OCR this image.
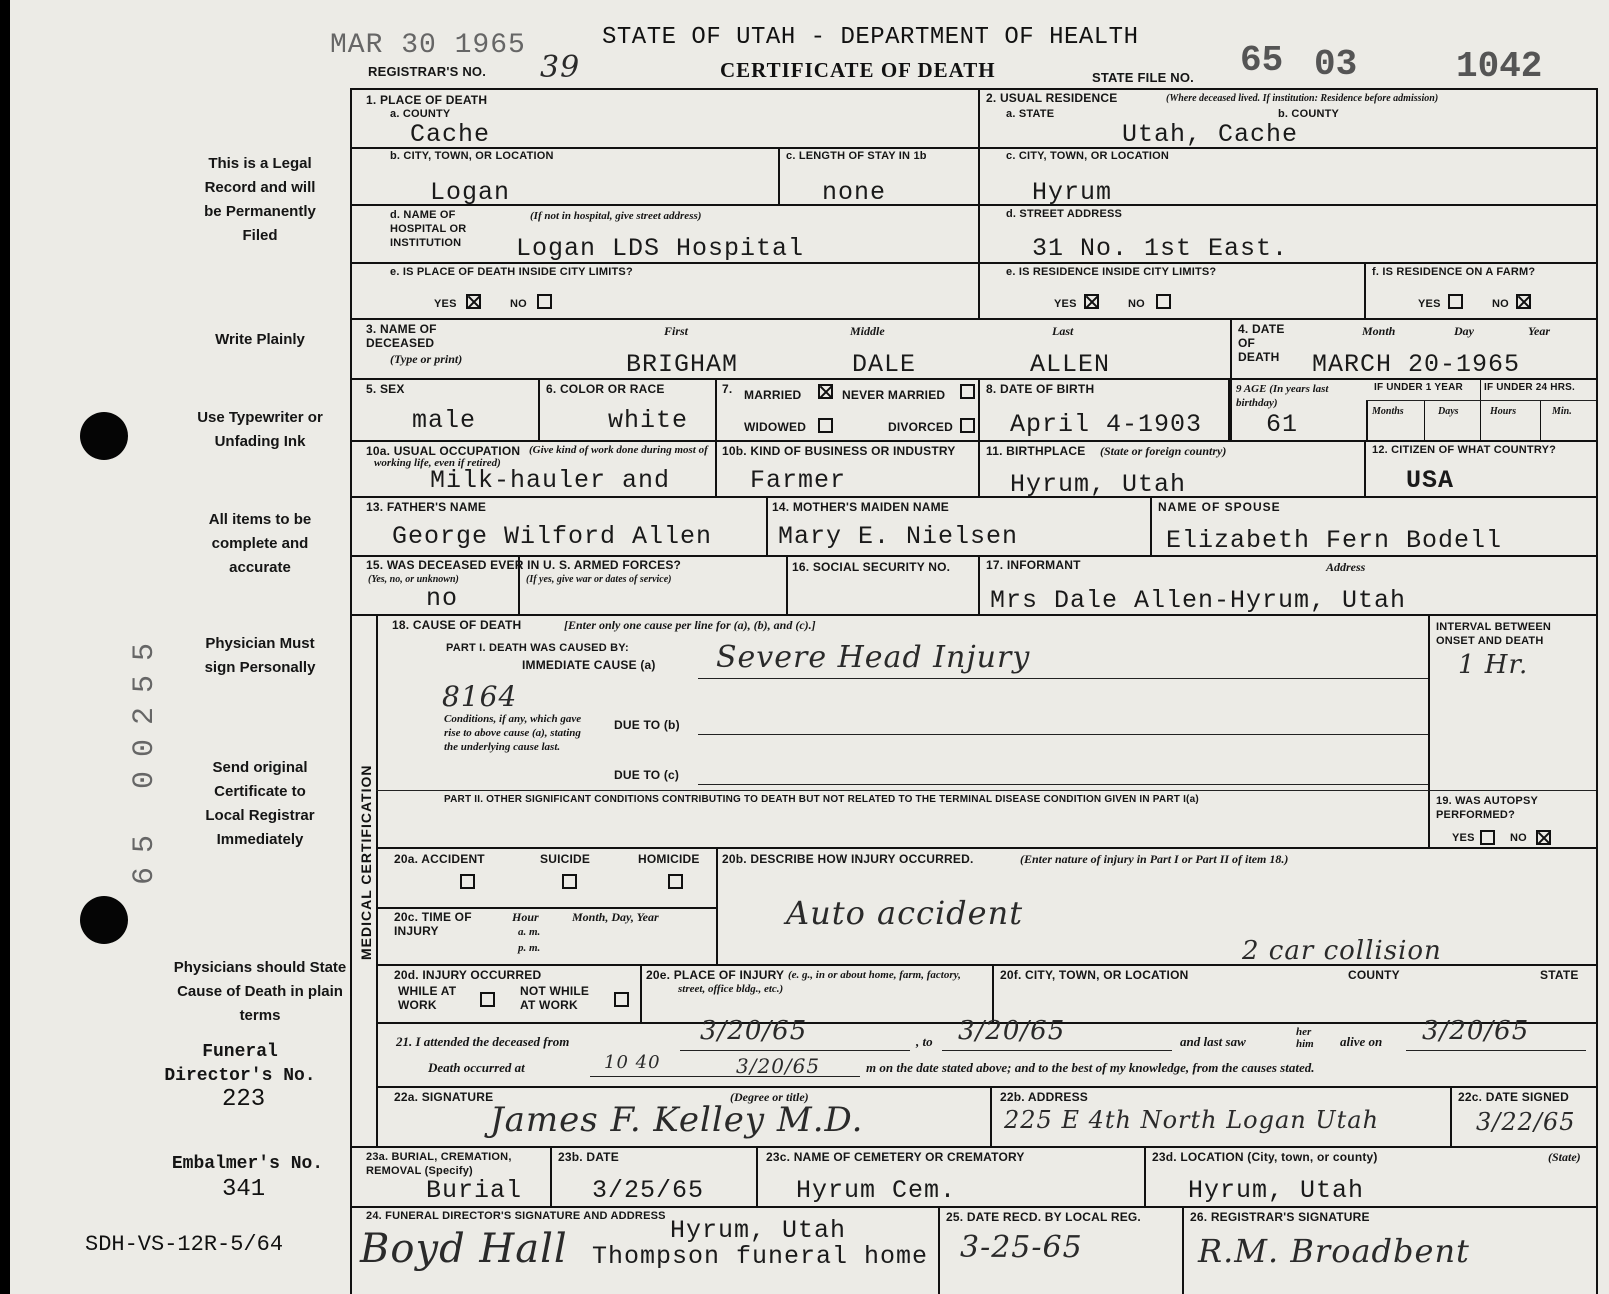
MAR 30 1965	STATE OF UTAH - DEPARTMENT OF HEALTH
CERTIFICATE OF DEATH
REGISTRAR'S NO. 39	STATE FILE NO. 65 03	1042
This is a Legal Record and will be Permanently Filed
Write Plainly
Use Typewriter or Unfading Ink
All items to be complete and accurate
Physician Must sign Personally
Send original Certificate to Local Registrar Immediately
Physicians should State Cause of Death in plain terms
Funeral Director's No.
223
Embalmer's No.
341
SDH-VS-12R-5/64
65 00255
1. PLACE OF DEATH
a. COUNTY
Cache
2. USUAL RESIDENCE	(Where deceased lived. If institution: Residence before admission)
a. STATE	b. COUNTY
Utah, Cache
b. CITY, TOWN, OR LOCATION
Logan
c. LENGTH OF STAY IN 1b
none
c. CITY, TOWN, OR LOCATION
Hyrum
d. NAME OF HOSPITAL OR INSTITUTION
(If not in hospital, give street address)
Logan LDS Hospital
d. STREET ADDRESS
31 No. 1st East.
e. IS PLACE OF DEATH INSIDE CITY LIMITS?
YES	NO
e. IS RESIDENCE INSIDE CITY LIMITS?
YES	NO
f. IS RESIDENCE ON A FARM?
YES	NO
3. NAME OF DECEASED
(Type or print)
First	Middle	Last
BRIGHAM	DALE	ALLEN
4. DATE OF DEATH
Month	Day	Year
MARCH 20-1965
5. SEX
male
6. COLOR OR RACE
white
7. MARRIED	NEVER MARRIED
WIDOWED	DIVORCED
8. DATE OF BIRTH
April 4-1903
9 AGE (In years last birthday)
61
IF UNDER 1 YEAR IF UNDER 24 HRS.
Months	Days	Hours	Min.
10a. USUAL OCCUPATION (Give kind of work done during most of working life, even if retired)
Milk-hauler and
10b. KIND OF BUSINESS OR INDUSTRY
Farmer
11. BIRTHPLACE (State or foreign country)
Hyrum, Utah
12. CITIZEN OF WHAT COUNTRY?
USA
13. FATHER'S NAME
George Wilford Allen
14. MOTHER'S MAIDEN NAME
Mary E. Nielsen
NAME OF SPOUSE
Elizabeth Fern Bodell
15. WAS DECEASED EVER IN U. S. ARMED FORCES?
(Yes, no, or unknown)	(If yes, give war or dates of service)
no
16. SOCIAL SECURITY NO.	17. INFORMANT	Address
Mrs Dale Allen-Hyrum, Utah
MEDICAL CERTIFICATION
18. CAUSE OF DEATH	[Enter only one cause per line for (a), (b), and (c).]
PART I. DEATH WAS CAUSED BY:
IMMEDIATE CAUSE (a) Severe Head Injury
8164
Conditions, if any, which gave rise to above cause (a), stating the underlying cause last.
DUE TO (b)
DUE TO (c)
INTERVAL BETWEEN ONSET AND DEATH
1 Hr.
PART II. OTHER SIGNIFICANT CONDITIONS CONTRIBUTING TO DEATH BUT NOT RELATED TO THE TERMINAL DISEASE CONDITION GIVEN IN PART I(a)	19. WAS AUTOPSY PERFORMED?
YES	NO
20a. ACCIDENT	SUICIDE	HOMICIDE 20b. DESCRIBE HOW INJURY OCCURRED.	(Enter nature of injury in Part I or Part II of item 18.)
Auto accident
2 car collision
20c. TIME OF INJURY
Hour
a. m.
p. m.
Month, Day, Year
20d. INJURY OCCURRED
WHILE AT WORK
NOT WHILE AT WORK
20e. PLACE OF INJURY (e. g., in or about home, farm, factory, street, office bldg., etc.)
20f. CITY, TOWN, OR LOCATION	COUNTY	STATE
21. I attended the deceased from	3/20/65	, to 3/20/65	and last saw
her him	alive on 3/20/65
Death occurred at	10 40	3/20/65	m on the date stated above; and to the best of my knowledge, from the causes stated.
22a. SIGNATURE	(Degree or title)
James F. Kelley M.D.
22b. ADDRESS
225 E 4th North Logan Utah
22c. DATE SIGNED
3/22/65
23a. BURIAL, CREMATION, REMOVAL (Specify)
Burial
23b. DATE
3/25/65
23c. NAME OF CEMETERY OR CREMATORY
Hyrum Cem.
23d. LOCATION (City, town, or county)	(State)
Hyrum, Utah
24. FUNERAL DIRECTOR'S SIGNATURE AND ADDRESS
Boyd Hall	Hyrum, Utah
Thompson funeral home
25. DATE RECD. BY LOCAL REG.
3-25-65
26. REGISTRAR'S SIGNATURE
R.M. Broadbent
